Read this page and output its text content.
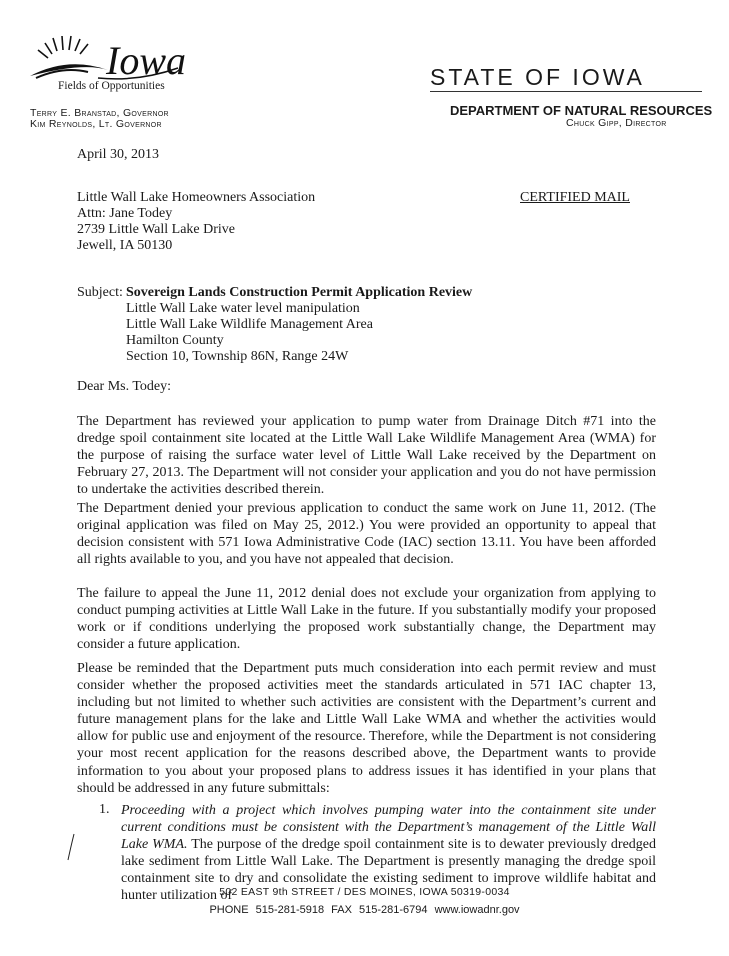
Iowa
Fields of Opportunities	STATE OF IOWA
Terry E. Branstad, Governor
Kim Reynolds, Lt. Governor
DEPARTMENT OF NATURAL RESOURCES
Chuck Gipp, Director
April 30, 2013
Little Wall Lake Homeowners Association
Attn: Jane Todey
2739 Little Wall Lake Drive
Jewell, IA 50130
CERTIFIED MAIL
Subject: Sovereign Lands Construction Permit Application Review
Little Wall Lake water level manipulation
Little Wall Lake Wildlife Management Area
Hamilton County
Section 10, Township 86N, Range 24W
Dear Ms. Todey:
The Department has reviewed your application to pump water from Drainage Ditch #71 into the dredge spoil containment site located at the Little Wall Lake Wildlife Management Area (WMA) for the purpose of raising the surface water level of Little Wall Lake received by the Department on February 27, 2013. The Department will not consider your application and you do not have permission to undertake the activities described therein.
The Department denied your previous application to conduct the same work on June 11, 2012. (The original application was filed on May 25, 2012.) You were provided an opportunity to appeal that decision consistent with 571 Iowa Administrative Code (IAC) section 13.11. You have been afforded all rights available to you, and you have not appealed that decision.
The failure to appeal the June 11, 2012 denial does not exclude your organization from applying to conduct pumping activities at Little Wall Lake in the future. If you substantially modify your proposed work or if conditions underlying the proposed work substantially change, the Department may consider a future application.
Please be reminded that the Department puts much consideration into each permit review and must consider whether the proposed activities meet the standards articulated in 571 IAC chapter 13, including but not limited to whether such activities are consistent with the Department’s current and future management plans for the lake and Little Wall Lake WMA and whether the activities would allow for public use and enjoyment of the resource. Therefore, while the Department is not considering your most recent application for the reasons described above, the Department wants to provide information to you about your proposed plans to address issues it has identified in your plans that should be addressed in any future submittals:
1. Proceeding with a project which involves pumping water into the containment site under current conditions must be consistent with the Department’s management of the Little Wall Lake WMA. The purpose of the dredge spoil containment site is to dewater previously dredged lake sediment from Little Wall Lake. The Department is presently managing the dredge spoil containment site to dry and consolidate the existing sediment to improve wildlife habitat and hunter utilization of
502 EAST 9th STREET / DES MOINES, IOWA 50319-0034
PHONE 515-281-5918 FAX 515-281-6794 www.iowadnr.gov
